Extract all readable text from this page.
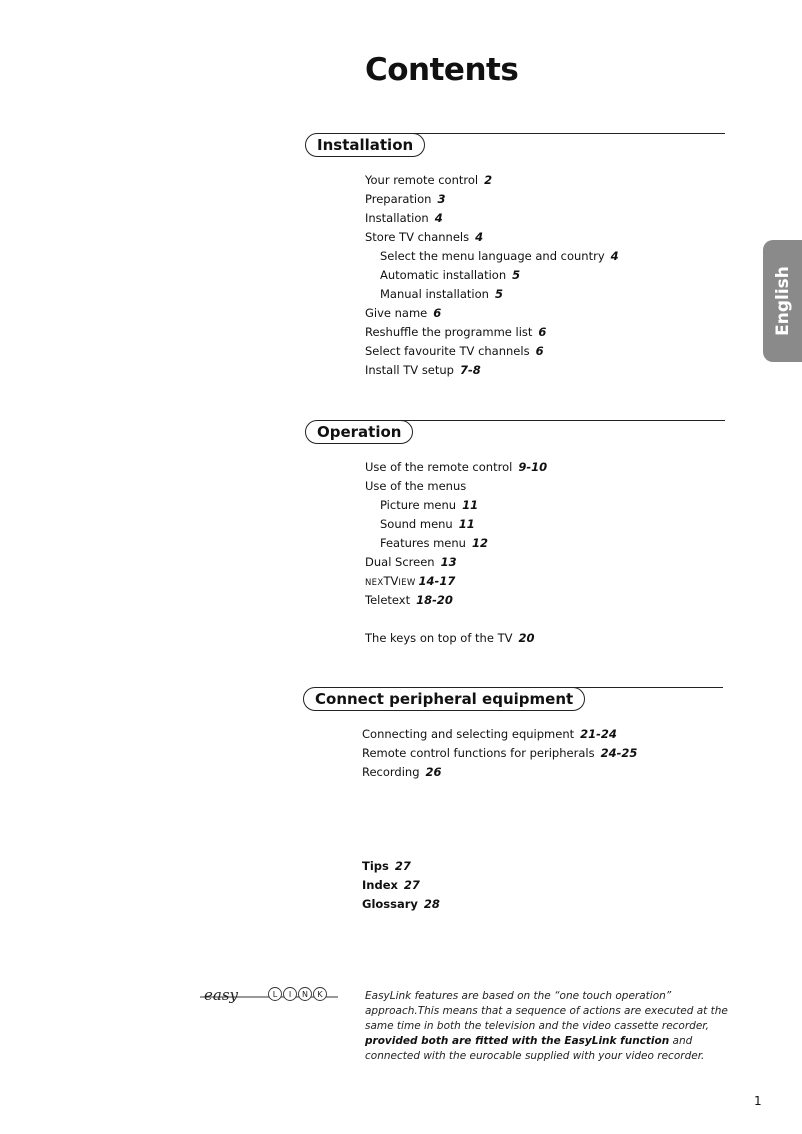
Contents
English
Installation
Your remote control 2
Preparation 3
Installation 4
Store TV channels 4
Select the menu language and country 4
Automatic installation 5
Manual installation 5
Give name 6
Reshuffle the programme list 6
Select favourite TV channels 6
Install TV setup 7-8
Operation
Use of the remote control 9-10
Use of the menus
Picture menu 11
Sound menu 11
Features menu 12
Dual Screen 13
NEXTVIEW 14-17
Teletext 18-20
The keys on top of the TV 20
Connect peripheral equipment
Connecting and selecting equipment 21-24
Remote control functions for peripherals 24-25
Recording 26
Tips 27
Index 27
Glossary 28
easy	L I N K	EasyLink features are based on the “one touch operation” approach.This means that a sequence of actions are executed at the same time in both the television and the video cassette recorder, provided both are fitted with the EasyLink function and connected with the eurocable supplied with your video recorder.
1
